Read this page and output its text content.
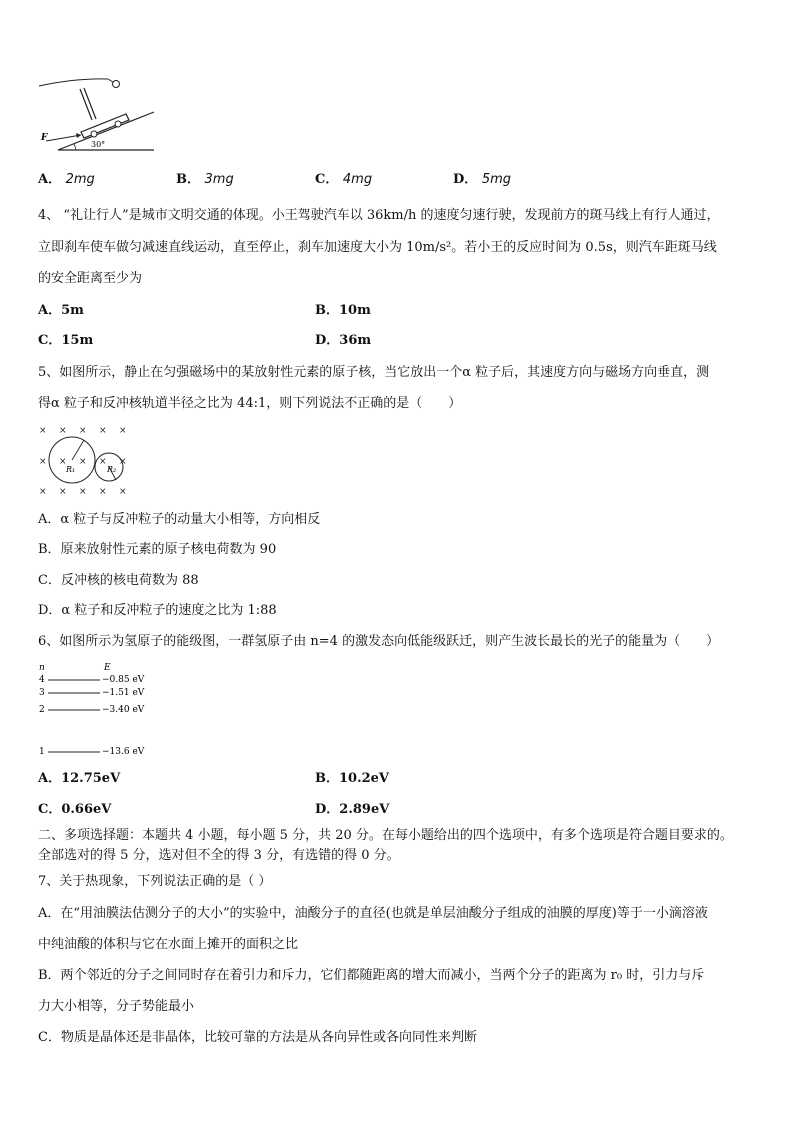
F
30°
A． 2mg	B． 3mg	C． 4mg	D． 5mg
4、 “礼让行人”是城市文明交通的体现。小王驾驶汽车以 36km/h 的速度匀速行驶，发现前方的斑马线上有行人通过，
立即刹车使车做匀减速直线运动，直至停止，刹车加速度大小为 10m/s²。若小王的反应时间为 0.5s，则汽车距斑马线
的安全距离至少为
A．5m	B．10m
C．15m	D．36m
5、如图所示，静止在匀强磁场中的某放射性元素的原子核，当它放出一个α 粒子后，其速度方向与磁场方向垂直，测
得α 粒子和反冲核轨道半径之比为 44:1，则下列说法不正确的是（　　）
× × × × ×
× × × × ×
× × × × ×
R₁	R₂
A．α 粒子与反冲粒子的动量大小相等，方向相反
B．原来放射性元素的原子核电荷数为 90
C．反冲核的核电荷数为 88
D．α 粒子和反冲粒子的速度之比为 1:88
6、如图所示为氢原子的能级图，一群氢原子由 n=4 的激发态向低能级跃迁，则产生波长最长的光子的能量为（　　）
n	E
4	−0.85 eV
3	−1.51 eV
2	−3.40 eV
1	−13.6 eV
A．12.75eV	B．10.2eV
C．0.66eV	D．2.89eV
二、多项选择题：本题共 4 小题，每小题 5 分，共 20 分。在每小题给出的四个选项中，有多个选项是符合题目要求的。
全部选对的得 5 分，选对但不全的得 3 分，有选错的得 0 分。
7、关于热现象，下列说法正确的是（ ）
A．在“用油膜法估测分子的大小”的实验中，油酸分子的直径(也就是单层油酸分子组成的油膜的厚度)等于一小滴溶液
中纯油酸的体积与它在水面上摊开的面积之比
B．两个邻近的分子之间同时存在着引力和斥力，它们都随距离的增大而减小，当两个分子的距离为 r₀ 时，引力与斥
力大小相等，分子势能最小
C．物质是晶体还是非晶体，比较可靠的方法是从各向异性或各向同性来判断
